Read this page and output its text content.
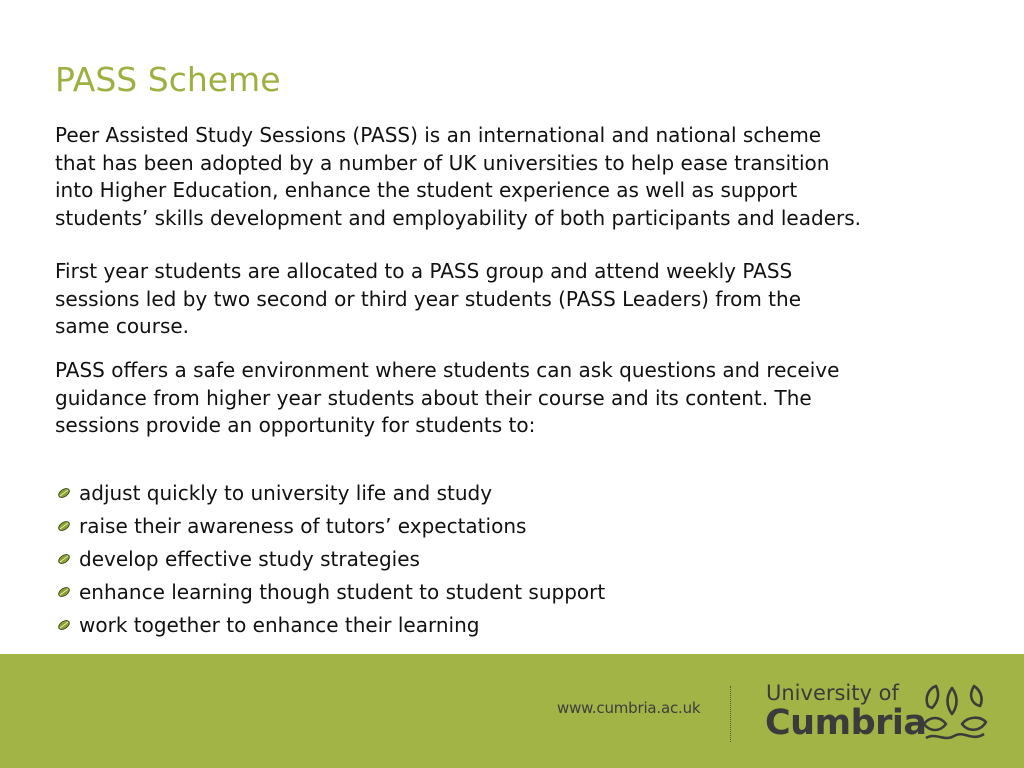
PASS Scheme

Peer Assisted Study Sessions (PASS) is an international and national scheme
that has been adopted by a number of UK universities to help ease transition
into Higher Education, enhance the student experience as well as support
students’ skills development and employability of both participants and leaders.

First year students are allocated to a PASS group and attend weekly PASS
sessions led by two second or third year students (PASS Leaders) from the
same course.

PASS offers a safe environment where students can ask questions and receive
guidance from higher year students about their course and its content. The
sessions provide an opportunity for students to:

adjust quickly to university life and study
raise their awareness of tutors’ expectations
develop effective study strategies
enhance learning though student to student support
work together to enhance their learning
www.cumbria.ac.uk
University of
Cumbria
